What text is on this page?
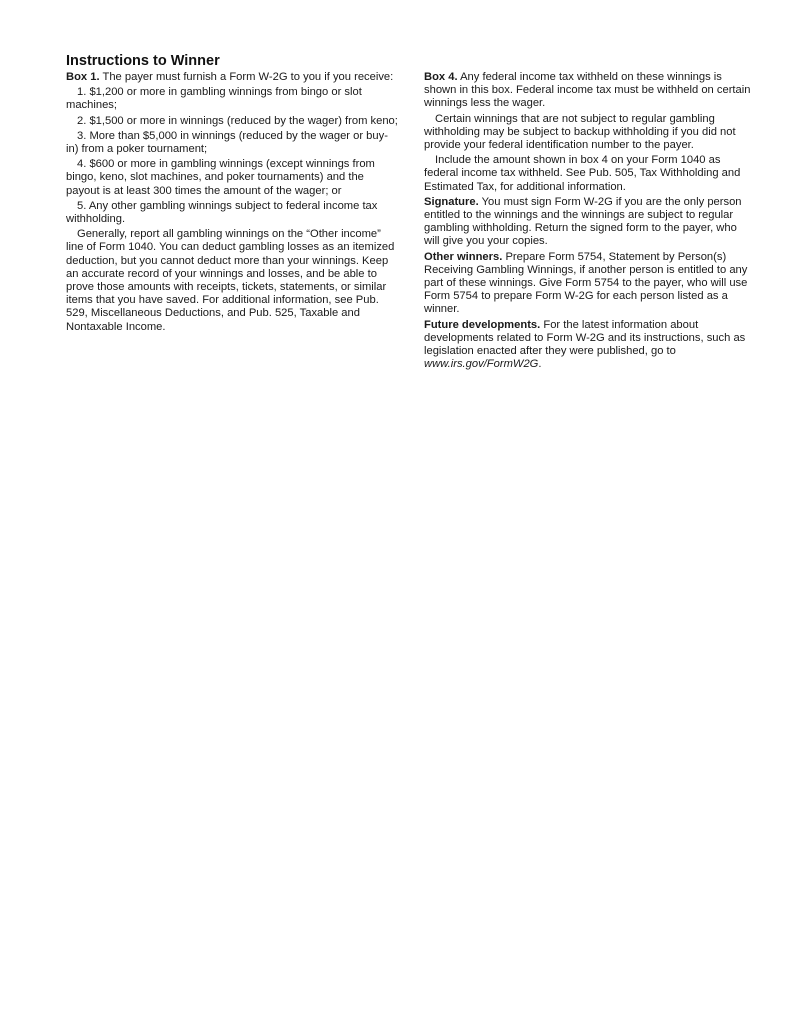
Instructions to Winner

Box 1. The payer must furnish a Form W-2G to you if you receive:

1. $1,200 or more in gambling winnings from bingo or slot machines;

2. $1,500 or more in winnings (reduced by the wager) from keno;

3. More than $5,000 in winnings (reduced by the wager or buy-in) from a poker tournament;

4. $600 or more in gambling winnings (except winnings from bingo, keno, slot machines, and poker tournaments) and the payout is at least 300 times the amount of the wager; or

5. Any other gambling winnings subject to federal income tax withholding.

Generally, report all gambling winnings on the “Other income” line of Form 1040. You can deduct gambling losses as an itemized deduction, but you cannot deduct more than your winnings. Keep an accurate record of your winnings and losses, and be able to prove those amounts with receipts, tickets, statements, or similar items that you have saved. For additional information, see Pub. 529, Miscellaneous Deductions, and Pub. 525, Taxable and Nontaxable Income.

Box 4. Any federal income tax withheld on these winnings is shown in this box. Federal income tax must be withheld on certain winnings less the wager.

Certain winnings that are not subject to regular gambling withholding may be subject to backup withholding if you did not provide your federal identification number to the payer.

Include the amount shown in box 4 on your Form 1040 as federal income tax withheld. See Pub. 505, Tax Withholding and Estimated Tax, for additional information.

Signature. You must sign Form W-2G if you are the only person entitled to the winnings and the winnings are subject to regular gambling withholding. Return the signed form to the payer, who will give you your copies.

Other winners. Prepare Form 5754, Statement by Person(s) Receiving Gambling Winnings, if another person is entitled to any part of these winnings. Give Form 5754 to the payer, who will use Form 5754 to prepare Form W-2G for each person listed as a winner.

Future developments. For the latest information about developments related to Form W-2G and its instructions, such as legislation enacted after they were published, go to www.irs.gov/FormW2G.
